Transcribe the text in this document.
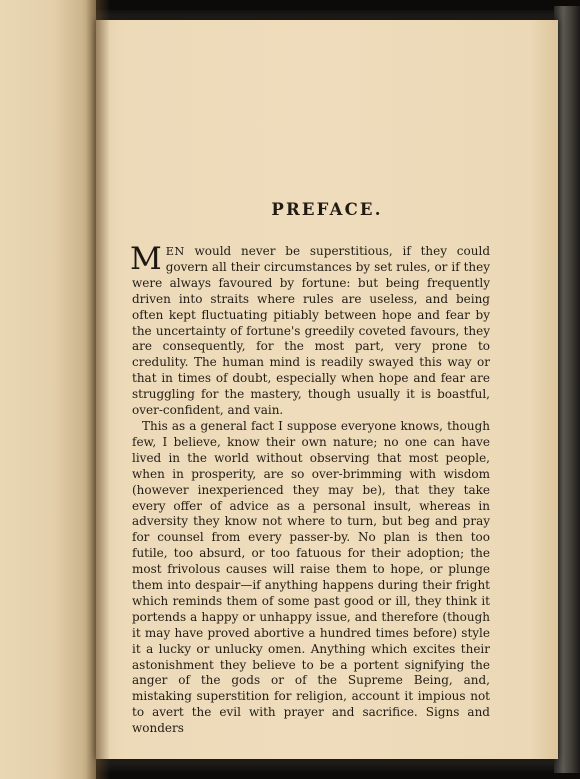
PREFACE.

MEN would never be superstitious, if they could govern all their circumstances by set rules, or if they were always favoured by fortune: but being frequently driven into straits where rules are useless, and being often kept fluctuating pitiably between hope and fear by the uncertainty of fortune's greedily coveted favours, they are consequently, for the most part, very prone to credulity. The human mind is readily swayed this way or that in times of doubt, especially when hope and fear are struggling for the mastery, though usually it is boastful, over-confident, and vain.

This as a general fact I suppose everyone knows, though few, I believe, know their own nature; no one can have lived in the world without observing that most people, when in prosperity, are so over-brimming with wisdom (however inexperienced they may be), that they take every offer of advice as a personal insult, whereas in adversity they know not where to turn, but beg and pray for counsel from every passer-by. No plan is then too futile, too absurd, or too fatuous for their adoption; the most frivolous causes will raise them to hope, or plunge them into despair—if anything happens during their fright which reminds them of some past good or ill, they think it portends a happy or unhappy issue, and therefore (though it may have proved abortive a hundred times before) style it a lucky or unlucky omen. Anything which excites their astonishment they believe to be a portent signifying the anger of the gods or of the Supreme Being, and, mistaking superstition for religion, account it impious not to avert the evil with prayer and sacrifice. Signs and wonders
